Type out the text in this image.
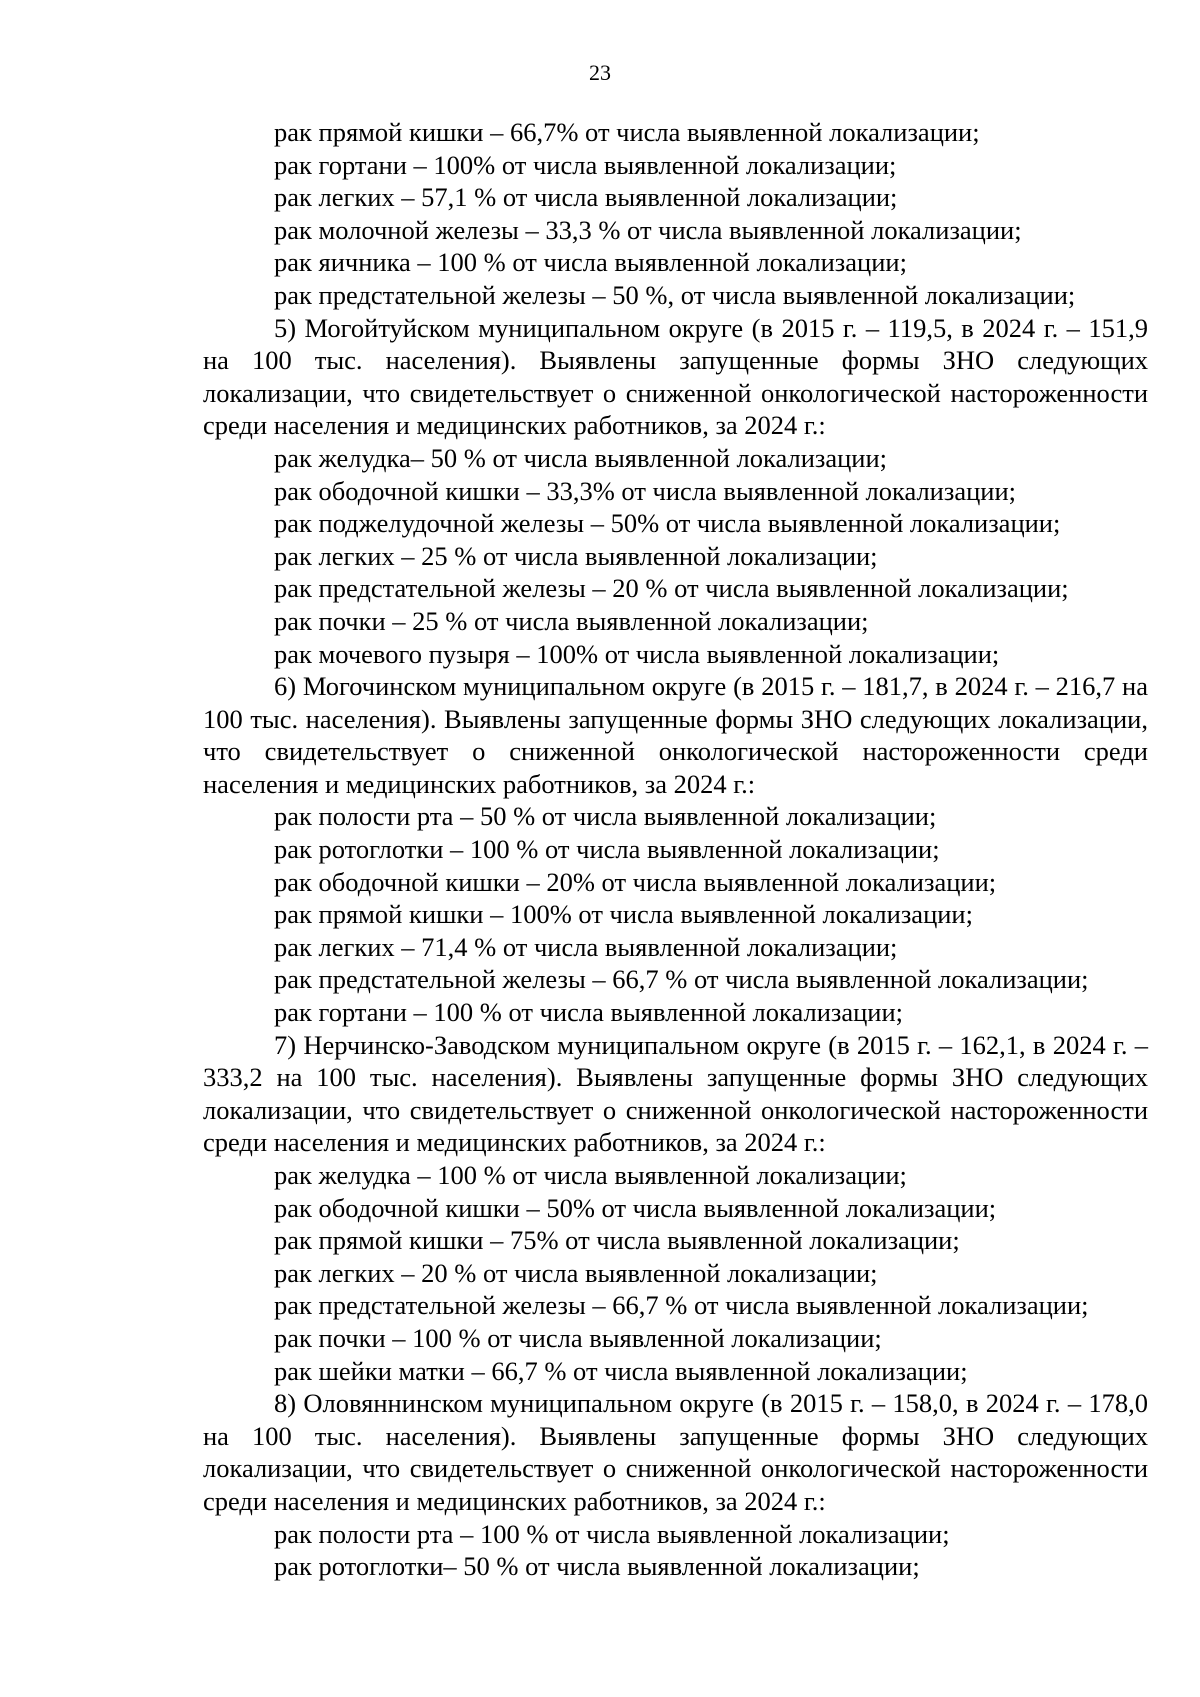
23
рак прямой кишки – 66,7% от числа выявленной локализации;
рак гортани – 100% от числа выявленной локализации;
рак легких – 57,1 % от числа выявленной локализации;
рак молочной железы – 33,3 % от числа выявленной локализации;
рак яичника – 100 % от числа выявленной локализации;
рак предстательной железы – 50 %, от числа выявленной локализации;
5) Могойтуйском муниципальном округе (в 2015 г. – 119,5, в 2024 г. – 151,9 на 100 тыс. населения). Выявлены запущенные формы ЗНО следующих локализации, что свидетельствует о сниженной онкологической настороженности среди населения и медицинских работников, за 2024 г.:
рак желудка– 50 % от числа выявленной локализации;
рак ободочной кишки – 33,3% от числа выявленной локализации;
рак поджелудочной железы – 50% от числа выявленной локализации;
рак легких – 25 % от числа выявленной локализации;
рак предстательной железы – 20 % от числа выявленной локализации;
рак почки – 25 % от числа выявленной локализации;
рак мочевого пузыря – 100% от числа выявленной локализации;
6) Могочинском муниципальном округе (в 2015 г. – 181,7, в 2024 г. – 216,7 на 100 тыс. населения). Выявлены запущенные формы ЗНО следующих локализации, что свидетельствует о сниженной онкологической настороженности среди населения и медицинских работников, за 2024 г.:
рак полости рта – 50 % от числа выявленной локализации;
рак ротоглотки – 100 % от числа выявленной локализации;
рак ободочной кишки – 20% от числа выявленной локализации;
рак прямой кишки – 100% от числа выявленной локализации;
рак легких – 71,4 % от числа выявленной локализации;
рак предстательной железы – 66,7 % от числа выявленной локализации;
рак гортани – 100 % от числа выявленной локализации;
7) Нерчинско-Заводском муниципальном округе (в 2015 г. – 162,1, в 2024 г. – 333,2 на 100 тыс. населения). Выявлены запущенные формы ЗНО следующих локализации, что свидетельствует о сниженной онкологической настороженности среди населения и медицинских работников, за 2024 г.:
рак желудка – 100 % от числа выявленной локализации;
рак ободочной кишки – 50% от числа выявленной локализации;
рак прямой кишки – 75% от числа выявленной локализации;
рак легких – 20 % от числа выявленной локализации;
рак предстательной железы – 66,7 % от числа выявленной локализации;
рак почки – 100 % от числа выявленной локализации;
рак шейки матки – 66,7 % от числа выявленной локализации;
8) Оловяннинском муниципальном округе (в 2015 г. – 158,0, в 2024 г. – 178,0 на 100 тыс. населения). Выявлены запущенные формы ЗНО следующих локализации, что свидетельствует о сниженной онкологической настороженности среди населения и медицинских работников, за 2024 г.:
рак полости рта – 100 % от числа выявленной локализации;
рак ротоглотки– 50 % от числа выявленной локализации;
